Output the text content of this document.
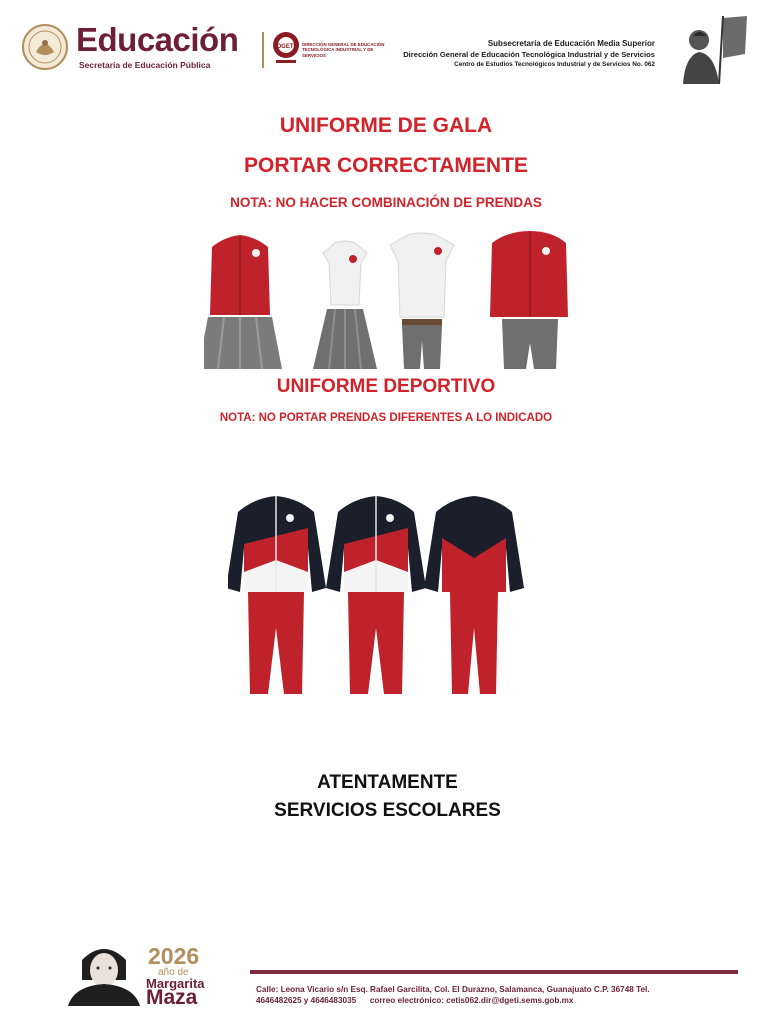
Educación
Secretaría de Educación Pública
DGETI DIRECCIÓN GENERAL DE EDUCACIÓN
TECNOLÓGICA INDUSTRIAL Y DE SERVICIOS
Subsecretaría de Educación Media Superior
Dirección General de Educación Tecnológica Industrial y de Servicios
Centro de Estudios Tecnológicos Industrial y de Servicios No. 062
UNIFORME DE GALA
PORTAR CORRECTAMENTE
NOTA: NO HACER COMBINACIÓN DE PRENDAS
UNIFORME DEPORTIVO
NOTA: NO PORTAR PRENDAS DIFERENTES A LO INDICADO
ATENTAMENTE
SERVICIOS ESCOLARES
2026
año de
Margarita
Maza	Calle: Leona Vicario s/n Esq. Rafael Garcilita, Col. El Durazno, Salamanca, Guanajuato C.P. 36748 Tel.
4646482625 y 4646483035      correo electrónico: cetis062.dir@dgeti.sems.gob.mx
